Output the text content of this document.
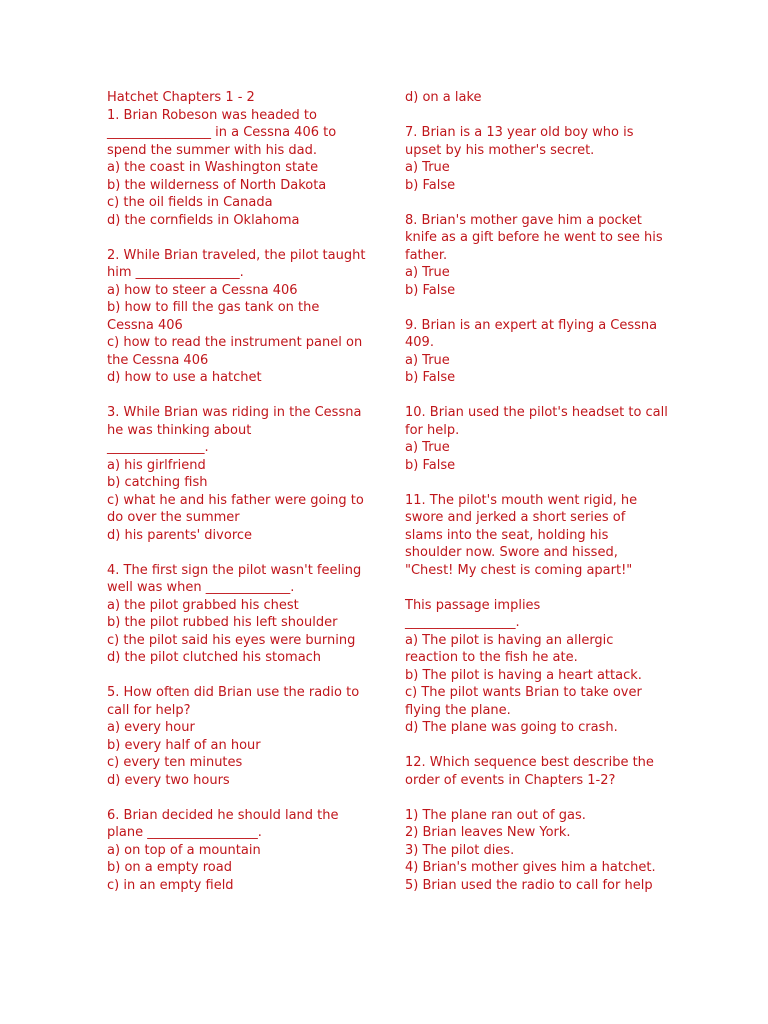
Hatchet Chapters 1 - 2
1. Brian Robeson was headed to
________________ in a Cessna 406 to
spend the summer with his dad.
a) the coast in Washington state
b) the wilderness of North Dakota
c) the oil fields in Canada
d) the cornfields in Oklahoma
2. While Brian traveled, the pilot taught
him ________________.
a) how to steer a Cessna 406
b) how to fill the gas tank on the
Cessna 406
c) how to read the instrument panel on
the Cessna 406
d) how to use a hatchet
3. While Brian was riding in the Cessna
he was thinking about
_______________.
a) his girlfriend
b) catching fish
c) what he and his father were going to
do over the summer
d) his parents' divorce
4. The first sign the pilot wasn't feeling
well was when _____________.
a) the pilot grabbed his chest
b) the pilot rubbed his left shoulder
c) the pilot said his eyes were burning
d) the pilot clutched his stomach
5. How often did Brian use the radio to
call for help?
a) every hour
b) every half of an hour
c) every ten minutes
d) every two hours
6. Brian decided he should land the
plane _________________.
a) on top of a mountain
b) on a empty road
c) in an empty field
d) on a lake
7. Brian is a 13 year old boy who is
upset by his mother's secret.
a) True
b) False
8. Brian's mother gave him a pocket
knife as a gift before he went to see his
father.
a) True
b) False
9. Brian is an expert at flying a Cessna
409.
a) True
b) False
10. Brian used the pilot's headset to call
for help.
a) True
b) False
11. The pilot's mouth went rigid, he
swore and jerked a short series of
slams into the seat, holding his
shoulder now. Swore and hissed,
"Chest! My chest is coming apart!"
This passage implies
_________________.
a) The pilot is having an allergic
reaction to the fish he ate.
b) The pilot is having a heart attack.
c) The pilot wants Brian to take over
flying the plane.
d) The plane was going to crash.
12. Which sequence best describe the
order of events in Chapters 1-2?
1) The plane ran out of gas.
2) Brian leaves New York.
3) The pilot dies.
4) Brian's mother gives him a hatchet.
5) Brian used the radio to call for help
